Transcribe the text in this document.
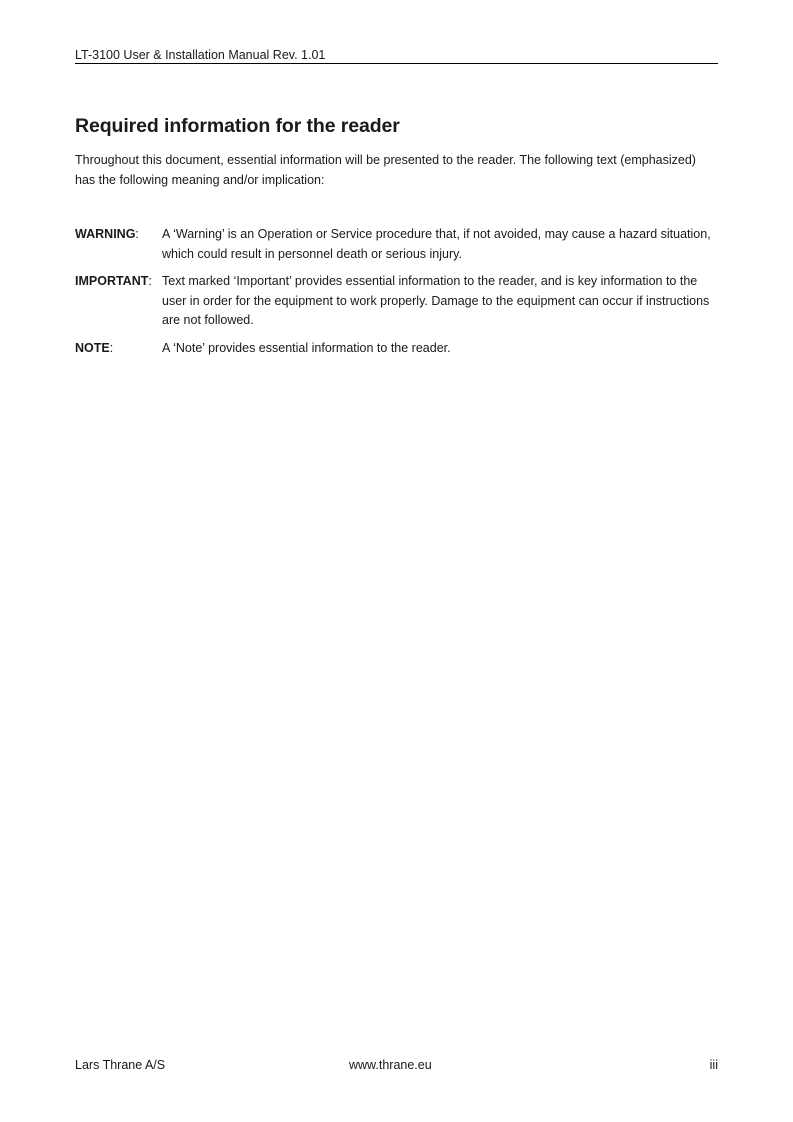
LT-3100 User & Installation Manual Rev. 1.01
Required information for the reader
Throughout this document, essential information will be presented to the reader. The following text (emphasized) has the following meaning and/or implication:
WARNING:	A ‘Warning’ is an Operation or Service procedure that, if not avoided, may cause a hazard situation, which could result in personnel death or serious injury.
IMPORTANT: Text marked ‘Important’ provides essential information to the reader, and is key information to the user in order for the equipment to work properly. Damage to the equipment can occur if instructions are not followed.
NOTE:	A ‘Note’ provides essential information to the reader.
Lars Thrane A/S	www.thrane.eu	iii
